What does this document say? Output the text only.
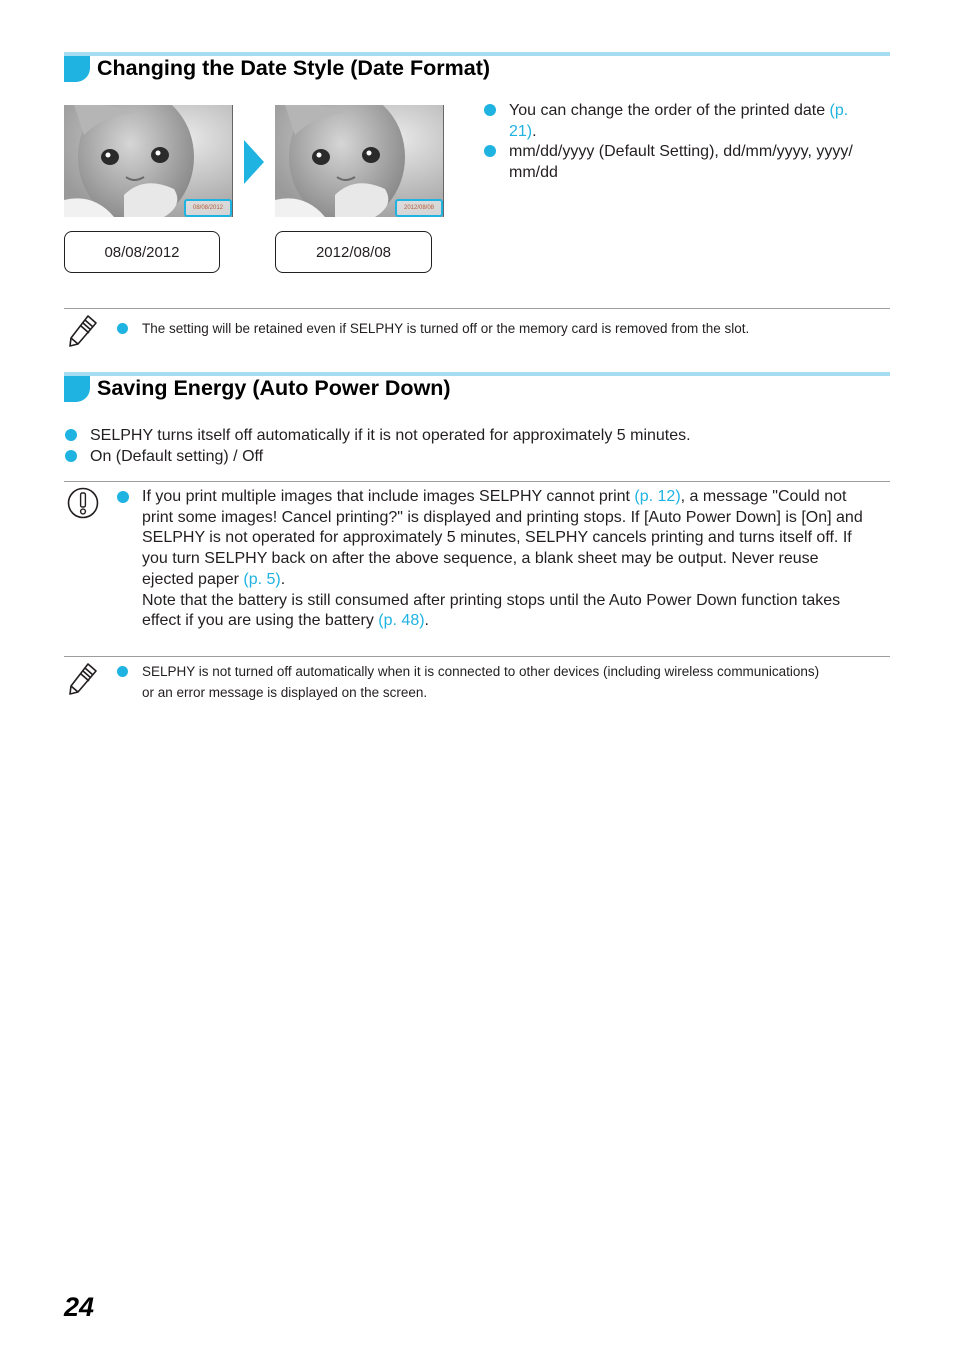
Changing the Date Style (Date Format)
08/08/2012	2012/08/08
08/08/2012	2012/08/08
You can change the order of the printed date (p. 21).
mm/dd/yyyy (Default Setting), dd/mm/yyyy, yyyy/ mm/dd
The setting will be retained even if SELPHY is turned off or the memory card is removed from the slot.
Saving Energy (Auto Power Down)
SELPHY turns itself off automatically if it is not operated for approximately 5 minutes.
On (Default setting) / Off
If you print multiple images that include images SELPHY cannot print (p. 12), a message "Could not print some images! Cancel printing?" is displayed and printing stops. If [Auto Power Down] is [On] and SELPHY is not operated for approximately 5 minutes, SELPHY cancels printing and turns itself off. If you turn SELPHY back on after the above sequence, a blank sheet may be output. Never reuse ejected paper (p. 5).
Note that the battery is still consumed after printing stops until the Auto Power Down function takes effect if you are using the battery (p. 48).
SELPHY is not turned off automatically when it is connected to other devices (including wireless communications) or an error message is displayed on the screen.
24
